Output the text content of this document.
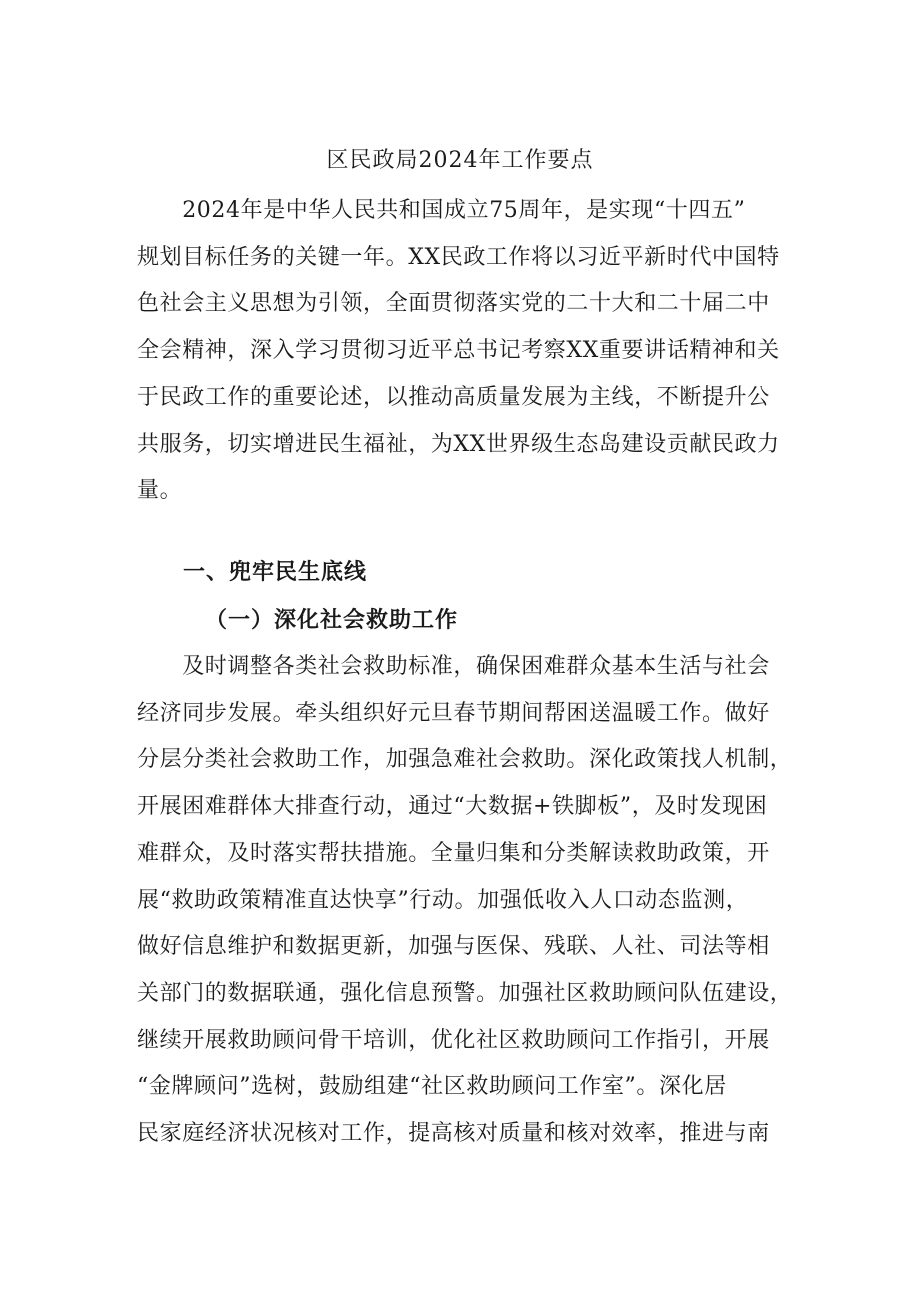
区民政局2024年工作要点

　　2024年是中华人民共和国成立75周年，是实现“十四五”
规划目标任务的关键一年。XX民政工作将以习近平新时代中国特
色社会主义思想为引领，全面贯彻落实党的二十大和二十届二中
全会精神，深入学习贯彻习近平总书记考察XX重要讲话精神和关
于民政工作的重要论述，以推动高质量发展为主线，不断提升公
共服务，切实增进民生福祉，为XX世界级生态岛建设贡献民政力
量。

一、兜牢民生底线
（一）深化社会救助工作

　　及时调整各类社会救助标准，确保困难群众基本生活与社会
经济同步发展。牵头组织好元旦春节期间帮困送温暖工作。做好
分层分类社会救助工作，加强急难社会救助。深化政策找人机制，
开展困难群体大排查行动，通过“大数据+铁脚板”，及时发现困
难群众，及时落实帮扶措施。全量归集和分类解读救助政策，开
展“救助政策精准直达快享”行动。加强低收入人口动态监测，
做好信息维护和数据更新，加强与医保、残联、人社、司法等相
关部门的数据联通，强化信息预警。加强社区救助顾问队伍建设，
继续开展救助顾问骨干培训，优化社区救助顾问工作指引，开展
“金牌顾问”选树，鼓励组建“社区救助顾问工作室”。深化居
民家庭经济状况核对工作，提高核对质量和核对效率，推进与南
